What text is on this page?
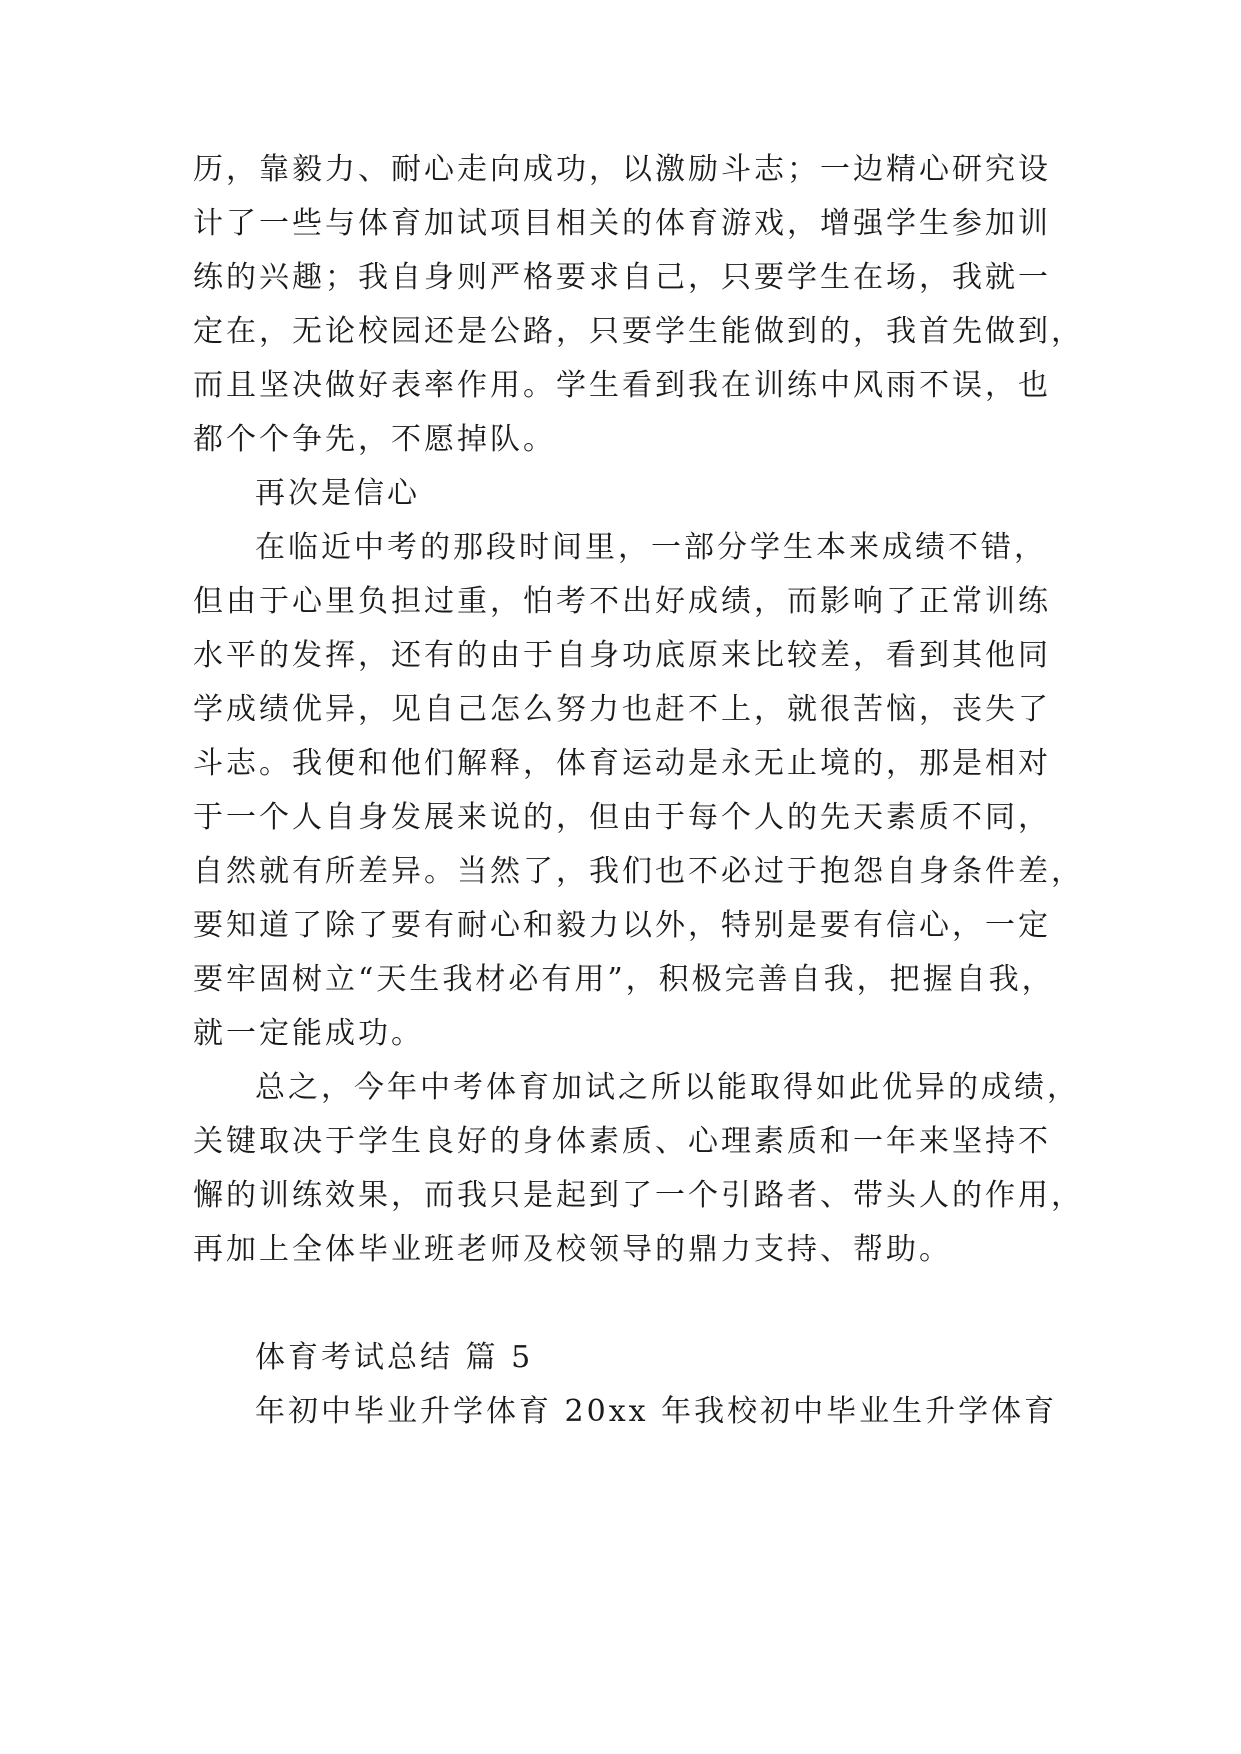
历，靠毅力、耐心走向成功，以激励斗志；一边精心研究设
计了一些与体育加试项目相关的体育游戏，增强学生参加训
练的兴趣；我自身则严格要求自己，只要学生在场，我就一
定在，无论校园还是公路，只要学生能做到的，我首先做到，
而且坚决做好表率作用。学生看到我在训练中风雨不误，也
都个个争先，不愿掉队。
再次是信心
在临近中考的那段时间里，一部分学生本来成绩不错，
但由于心里负担过重，怕考不出好成绩，而影响了正常训练
水平的发挥，还有的由于自身功底原来比较差，看到其他同
学成绩优异，见自己怎么努力也赶不上，就很苦恼，丧失了
斗志。我便和他们解释，体育运动是永无止境的，那是相对
于一个人自身发展来说的，但由于每个人的先天素质不同，
自然就有所差异。当然了，我们也不必过于抱怨自身条件差，
要知道了除了要有耐心和毅力以外，特别是要有信心，一定
要牢固树立“天生我材必有用”，积极完善自我，把握自我，
就一定能成功。
总之，今年中考体育加试之所以能取得如此优异的成绩，
关键取决于学生良好的身体素质、心理素质和一年来坚持不
懈的训练效果，而我只是起到了一个引路者、带头人的作用，
再加上全体毕业班老师及校领导的鼎力支持、帮助。
体育考试总结 篇 5
年初中毕业升学体育 20xx 年我校初中毕业生升学体育
